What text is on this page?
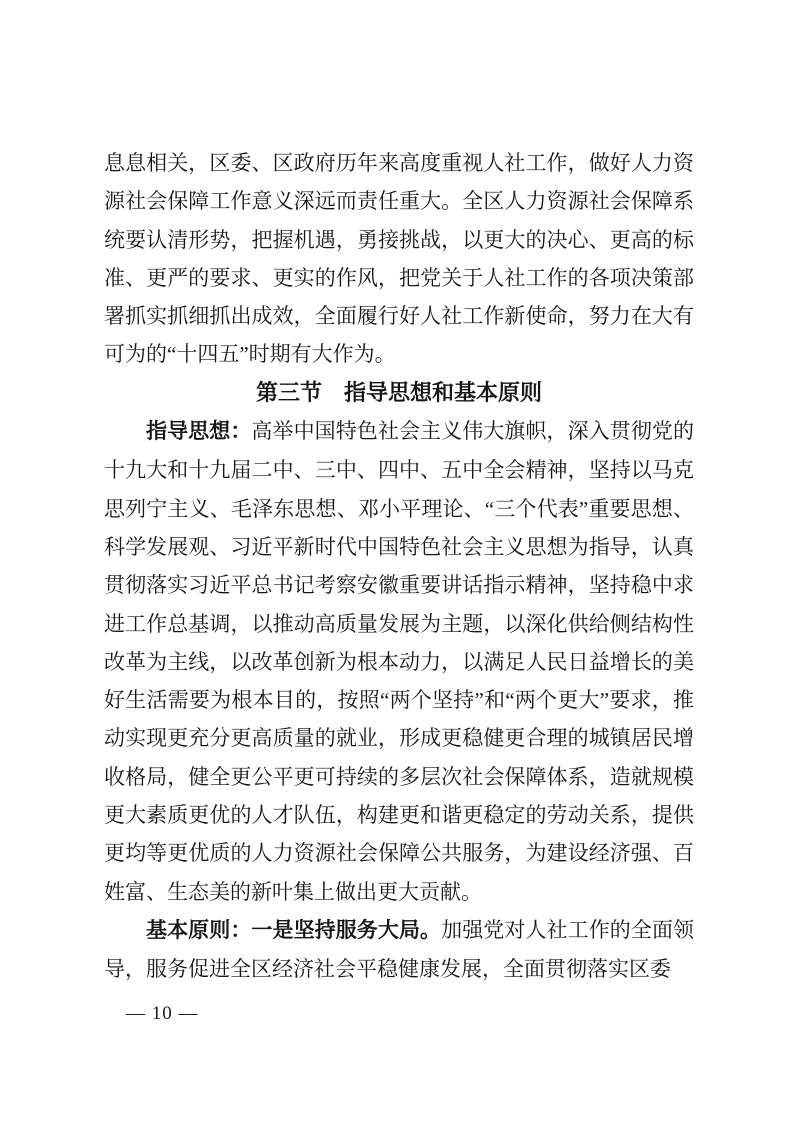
息息相关，区委、区政府历年来高度重视人社工作，做好人力资源社会保障工作意义深远而责任重大。全区人力资源社会保障系统要认清形势，把握机遇，勇接挑战，以更大的决心、更高的标准、更严的要求、更实的作风，把党关于人社工作的各项决策部署抓实抓细抓出成效，全面履行好人社工作新使命，努力在大有可为的“十四五”时期有大作为。

第三节　指导思想和基本原则

指导思想：高举中国特色社会主义伟大旗帜，深入贯彻党的十九大和十九届二中、三中、四中、五中全会精神，坚持以马克思列宁主义、毛泽东思想、邓小平理论、“三个代表”重要思想、科学发展观、习近平新时代中国特色社会主义思想为指导，认真贯彻落实习近平总书记考察安徽重要讲话指示精神，坚持稳中求进工作总基调，以推动高质量发展为主题，以深化供给侧结构性改革为主线，以改革创新为根本动力，以满足人民日益增长的美好生活需要为根本目的，按照“两个坚持”和“两个更大”要求，推动实现更充分更高质量的就业，形成更稳健更合理的城镇居民增收格局，健全更公平更可持续的多层次社会保障体系，造就规模更大素质更优的人才队伍，构建更和谐更稳定的劳动关系，提供更均等更优质的人力资源社会保障公共服务，为建设经济强、百姓富、生态美的新叶集上做出更大贡献。

基本原则：一是坚持服务大局。加强党对人社工作的全面领导，服务促进全区经济社会平稳健康发展，全面贯彻落实区委

— 10 —
